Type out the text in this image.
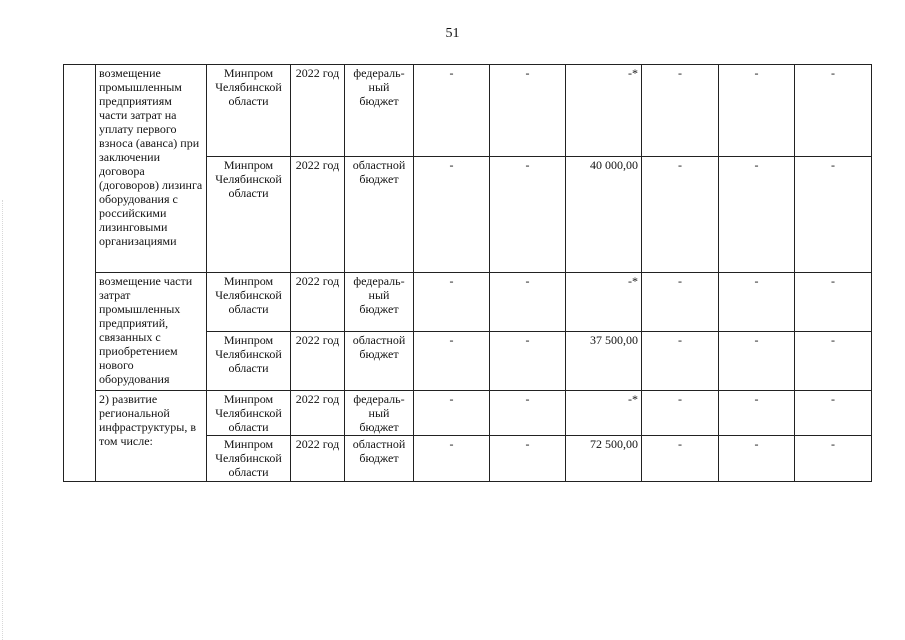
51
	возмещение промышленным предприятиям части затрат на уплату первого взноса (аванса) при заключении договора (договоров) лизинга оборудования с российскими лизинговыми организациями	Минпром Челябинской области	2022 год	федераль-ный бюджет	-	-	-*	-	-	-
		Минпром Челябинской области	2022 год	областной бюджет	-	-	40 000,00	-	-	-
	возмещение части затрат промышленных предприятий, связанных с приобретением нового оборудования	Минпром Челябинской области	2022 год	федераль-ный бюджет	-	-	-*	-	-	-
		Минпром Челябинской области	2022 год	областной бюджет	-	-	37 500,00	-	-	-
	2) развитие региональной инфраструктуры, в том числе:	Минпром Челябинской области	2022 год	федераль-ный бюджет	-	-	-*	-	-	-
		Минпром Челябинской области	2022 год	областной бюджет	-	-	72 500,00	-	-	-
